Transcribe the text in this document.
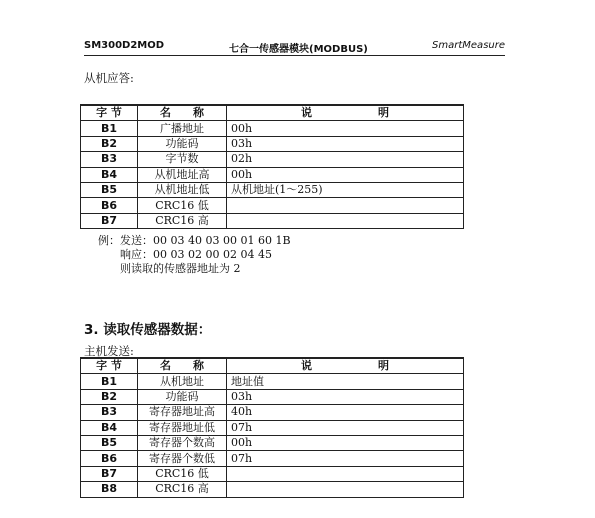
SM300D2MOD	七合一传感器模块(MODBUS)	SmartMeasure
从机应答:
字 节	名　　称	说　　　　　　明
B1	广播地址	00h
B2	功能码	03h
B3	字节数	02h
B4	从机地址高	00h
B5	从机地址低	从机地址(1～255)
B6	CRC16 低	
B7	CRC16 高	
例：发送：00 03 40 03 00 01 60 1B
响应：00 03 02 00 02 04 45
则读取的传感器地址为 2
3. 读取传感器数据：
主机发送:
字 节	名　　称	说　　　　　　明
B1	从机地址	地址值
B2	功能码	03h
B3	寄存器地址高	40h
B4	寄存器地址低	07h
B5	寄存器个数高	00h
B6	寄存器个数低	07h
B7	CRC16 低	
B8	CRC16 高	
